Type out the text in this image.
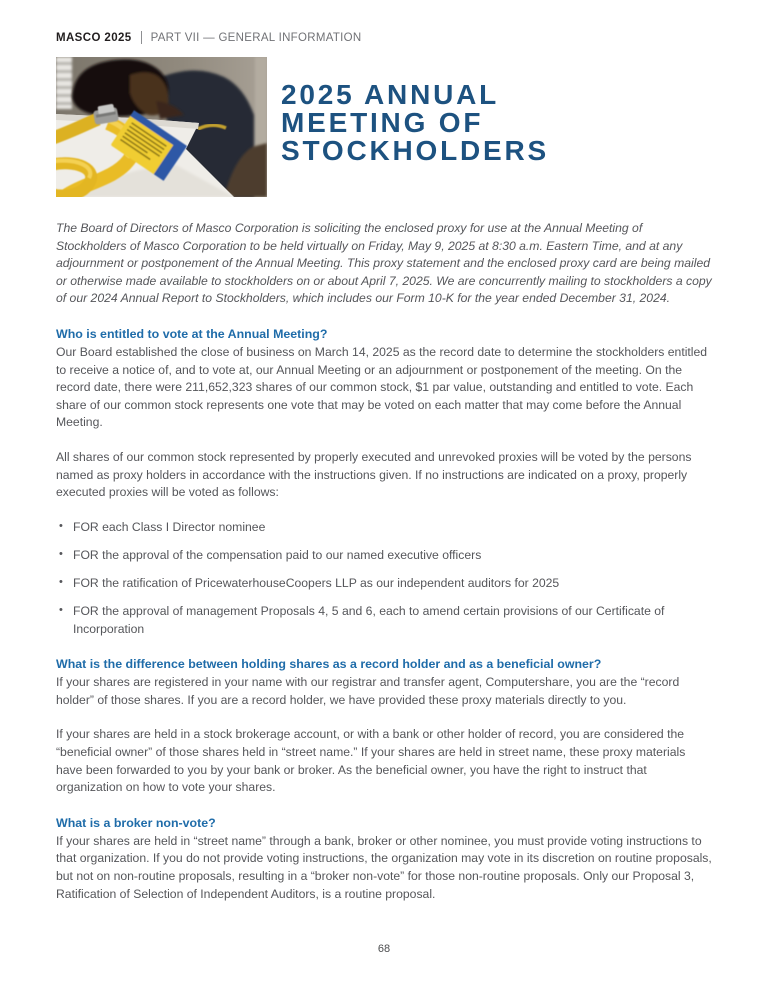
MASCO 2025 PART VII — GENERAL INFORMATION
2025 ANNUAL
MEETING OF
STOCKHOLDERS

The Board of Directors of Masco Corporation is soliciting the enclosed proxy for use at the Annual Meeting of Stockholders of Masco Corporation to be held virtually on Friday, May 9, 2025 at 8:30 a.m. Eastern Time, and at any adjournment or postponement of the Annual Meeting. This proxy statement and the enclosed proxy card are being mailed or otherwise made available to stockholders on or about April 7, 2025. We are concurrently mailing to stockholders a copy of our 2024 Annual Report to Stockholders, which includes our Form 10-K for the year ended December 31, 2024.

Who is entitled to vote at the Annual Meeting?

Our Board established the close of business on March 14, 2025 as the record date to determine the stockholders entitled to receive a notice of, and to vote at, our Annual Meeting or an adjournment or postponement of the meeting. On the record date, there were 211,652,323 shares of our common stock, $1 par value, outstanding and entitled to vote. Each share of our common stock represents one vote that may be voted on each matter that may come before the Annual Meeting.

All shares of our common stock represented by properly executed and unrevoked proxies will be voted by the persons named as proxy holders in accordance with the instructions given. If no instructions are indicated on a proxy, properly executed proxies will be voted as follows:

• FOR each Class I Director nominee
• FOR the approval of the compensation paid to our named executive officers
• FOR the ratification of PricewaterhouseCoopers LLP as our independent auditors for 2025
• FOR the approval of management Proposals 4, 5 and 6, each to amend certain provisions of our Certificate of Incorporation
What is the difference between holding shares as a record holder and as a beneficial owner?

If your shares are registered in your name with our registrar and transfer agent, Computershare, you are the “record holder” of those shares. If you are a record holder, we have provided these proxy materials directly to you.

If your shares are held in a stock brokerage account, or with a bank or other holder of record, you are considered the “beneficial owner” of those shares held in “street name.” If your shares are held in street name, these proxy materials have been forwarded to you by your bank or broker. As the beneficial owner, you have the right to instruct that organization on how to vote your shares.

What is a broker non-vote?

If your shares are held in “street name” through a bank, broker or other nominee, you must provide voting instructions to that organization. If you do not provide voting instructions, the organization may vote in its discretion on routine proposals, but not on non-routine proposals, resulting in a “broker non-vote” for those non-routine proposals. Only our Proposal 3, Ratification of Selection of Independent Auditors, is a routine proposal.

68
